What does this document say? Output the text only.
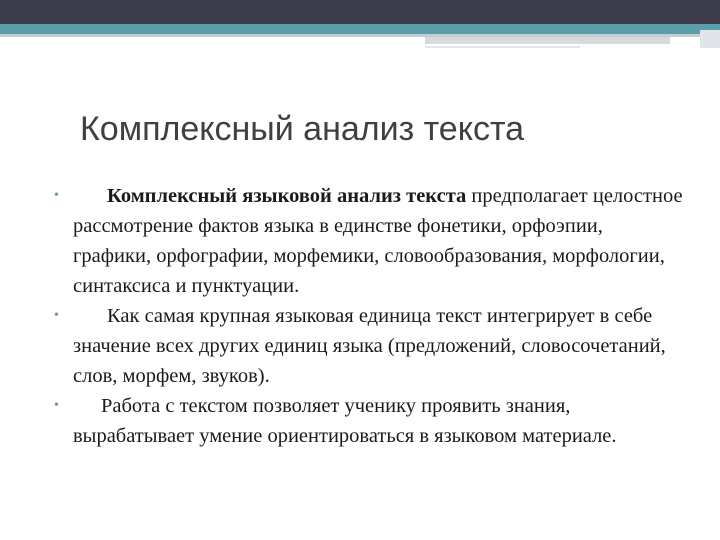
Комплексный анализ текста
• Комплексный языковой анализ текста предполагает целостное рассмотрение фактов языка в единстве фонетики, орфоэпии, графики, орфографии, морфемики, словообразования, морфологии, синтаксиса и пунктуации.
• Как самая крупная языковая единица текст интегрирует в себе значение всех других единиц языка (предложений, словосочетаний, слов, морфем, звуков).
• Работа с текстом позволяет ученику проявить знания, вырабатывает умение ориентироваться в языковом материале.
